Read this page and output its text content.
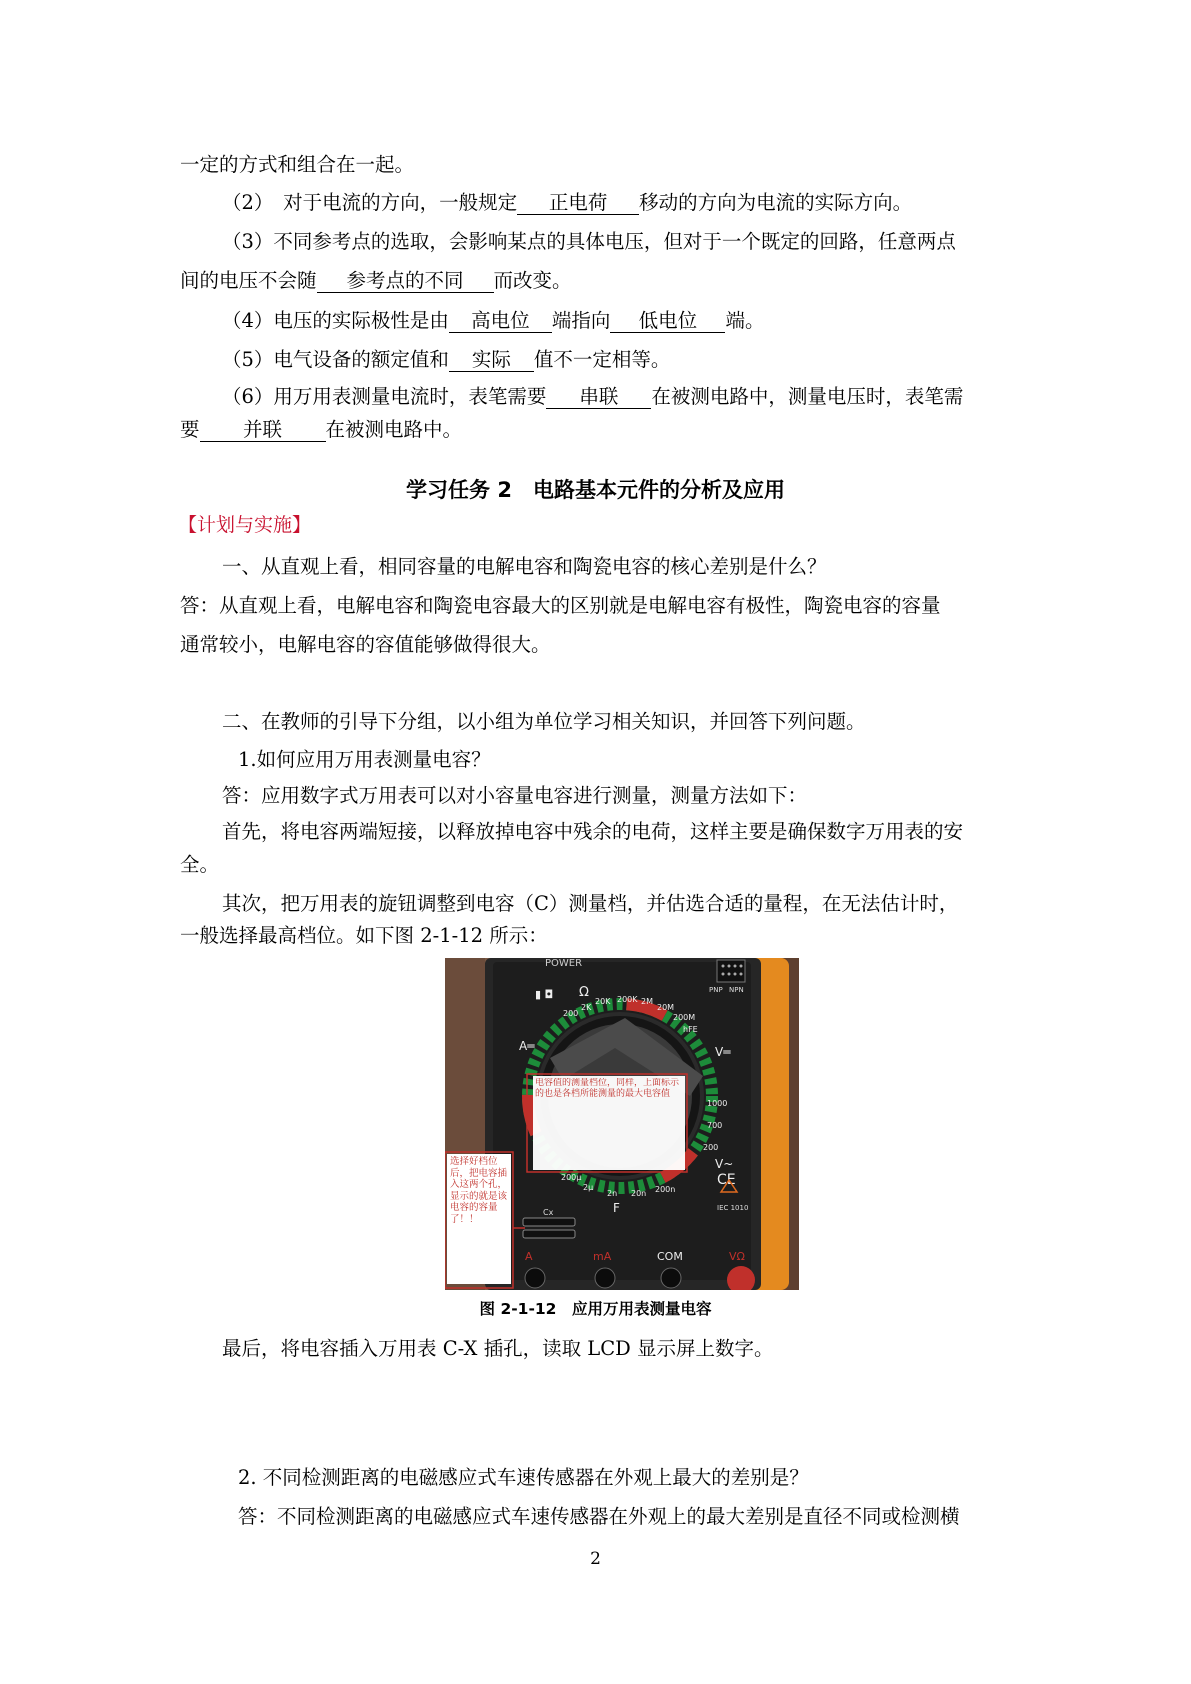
一定的方式和组合在一起。
（2）　对于电流的方向，一般规定 正电荷 移动的方向为电流的实际方向。
（3）不同参考点的选取，会影响某点的具体电压，但对于一个既定的回路，任意两点
间的电压不会随 参考点的不同 而改变。
（4）电压的实际极性是由 高电位 端指向 低电位 端。
（5）电气设备的额定值和 实际 值不一定相等。
（6）用万用表测量电流时，表笔需要 串联 在被测电路中，测量电压时，表笔需
要 并联 在被测电路中。
学习任务 2　电路基本元件的分析及应用
【计划与实施】
一、从直观上看，相同容量的电解电容和陶瓷电容的核心差别是什么？
答：从直观上看，电解电容和陶瓷电容最大的区别就是电解电容有极性，陶瓷电容的容量
通常较小，电解电容的容值能够做得很大。
二、在教师的引导下分组，以小组为单位学习相关知识，并回答下列问题。
1.如何应用万用表测量电容？
答：应用数字式万用表可以对小容量电容进行测量，测量方法如下：
首先，将电容两端短接，以释放掉电容中残余的电荷，这样主要是确保数字万用表的安
全。
其次，把万用表的旋钮调整到电容（C）测量档，并估选合适的量程，在无法估计时，
一般选择最高档位。如下图 2-1-12 所示：
POWER
PNP NPN
▮ ◘ Ω
2K
20K 200K 2M
20M
200M
200
hFE
1000
700
200
20n
2n	200n
2μ
200μ
A═	V═
V~
F
CE
IEC 1010
Cx
A	mA	COM	VΩ
电容值的测量档位，同样，上面标示的也是各档所能测量的最大电容值
选择好档位后，把电容插入这两个孔，显示的就是该电容的容量了！！
图 2-1-12　应用万用表测量电容
最后，将电容插入万用表 C-X 插孔，读取 LCD 显示屏上数字。
2. 不同检测距离的电磁感应式车速传感器在外观上最大的差别是？
答：不同检测距离的电磁感应式车速传感器在外观上的最大差别是直径不同或检测横
2
